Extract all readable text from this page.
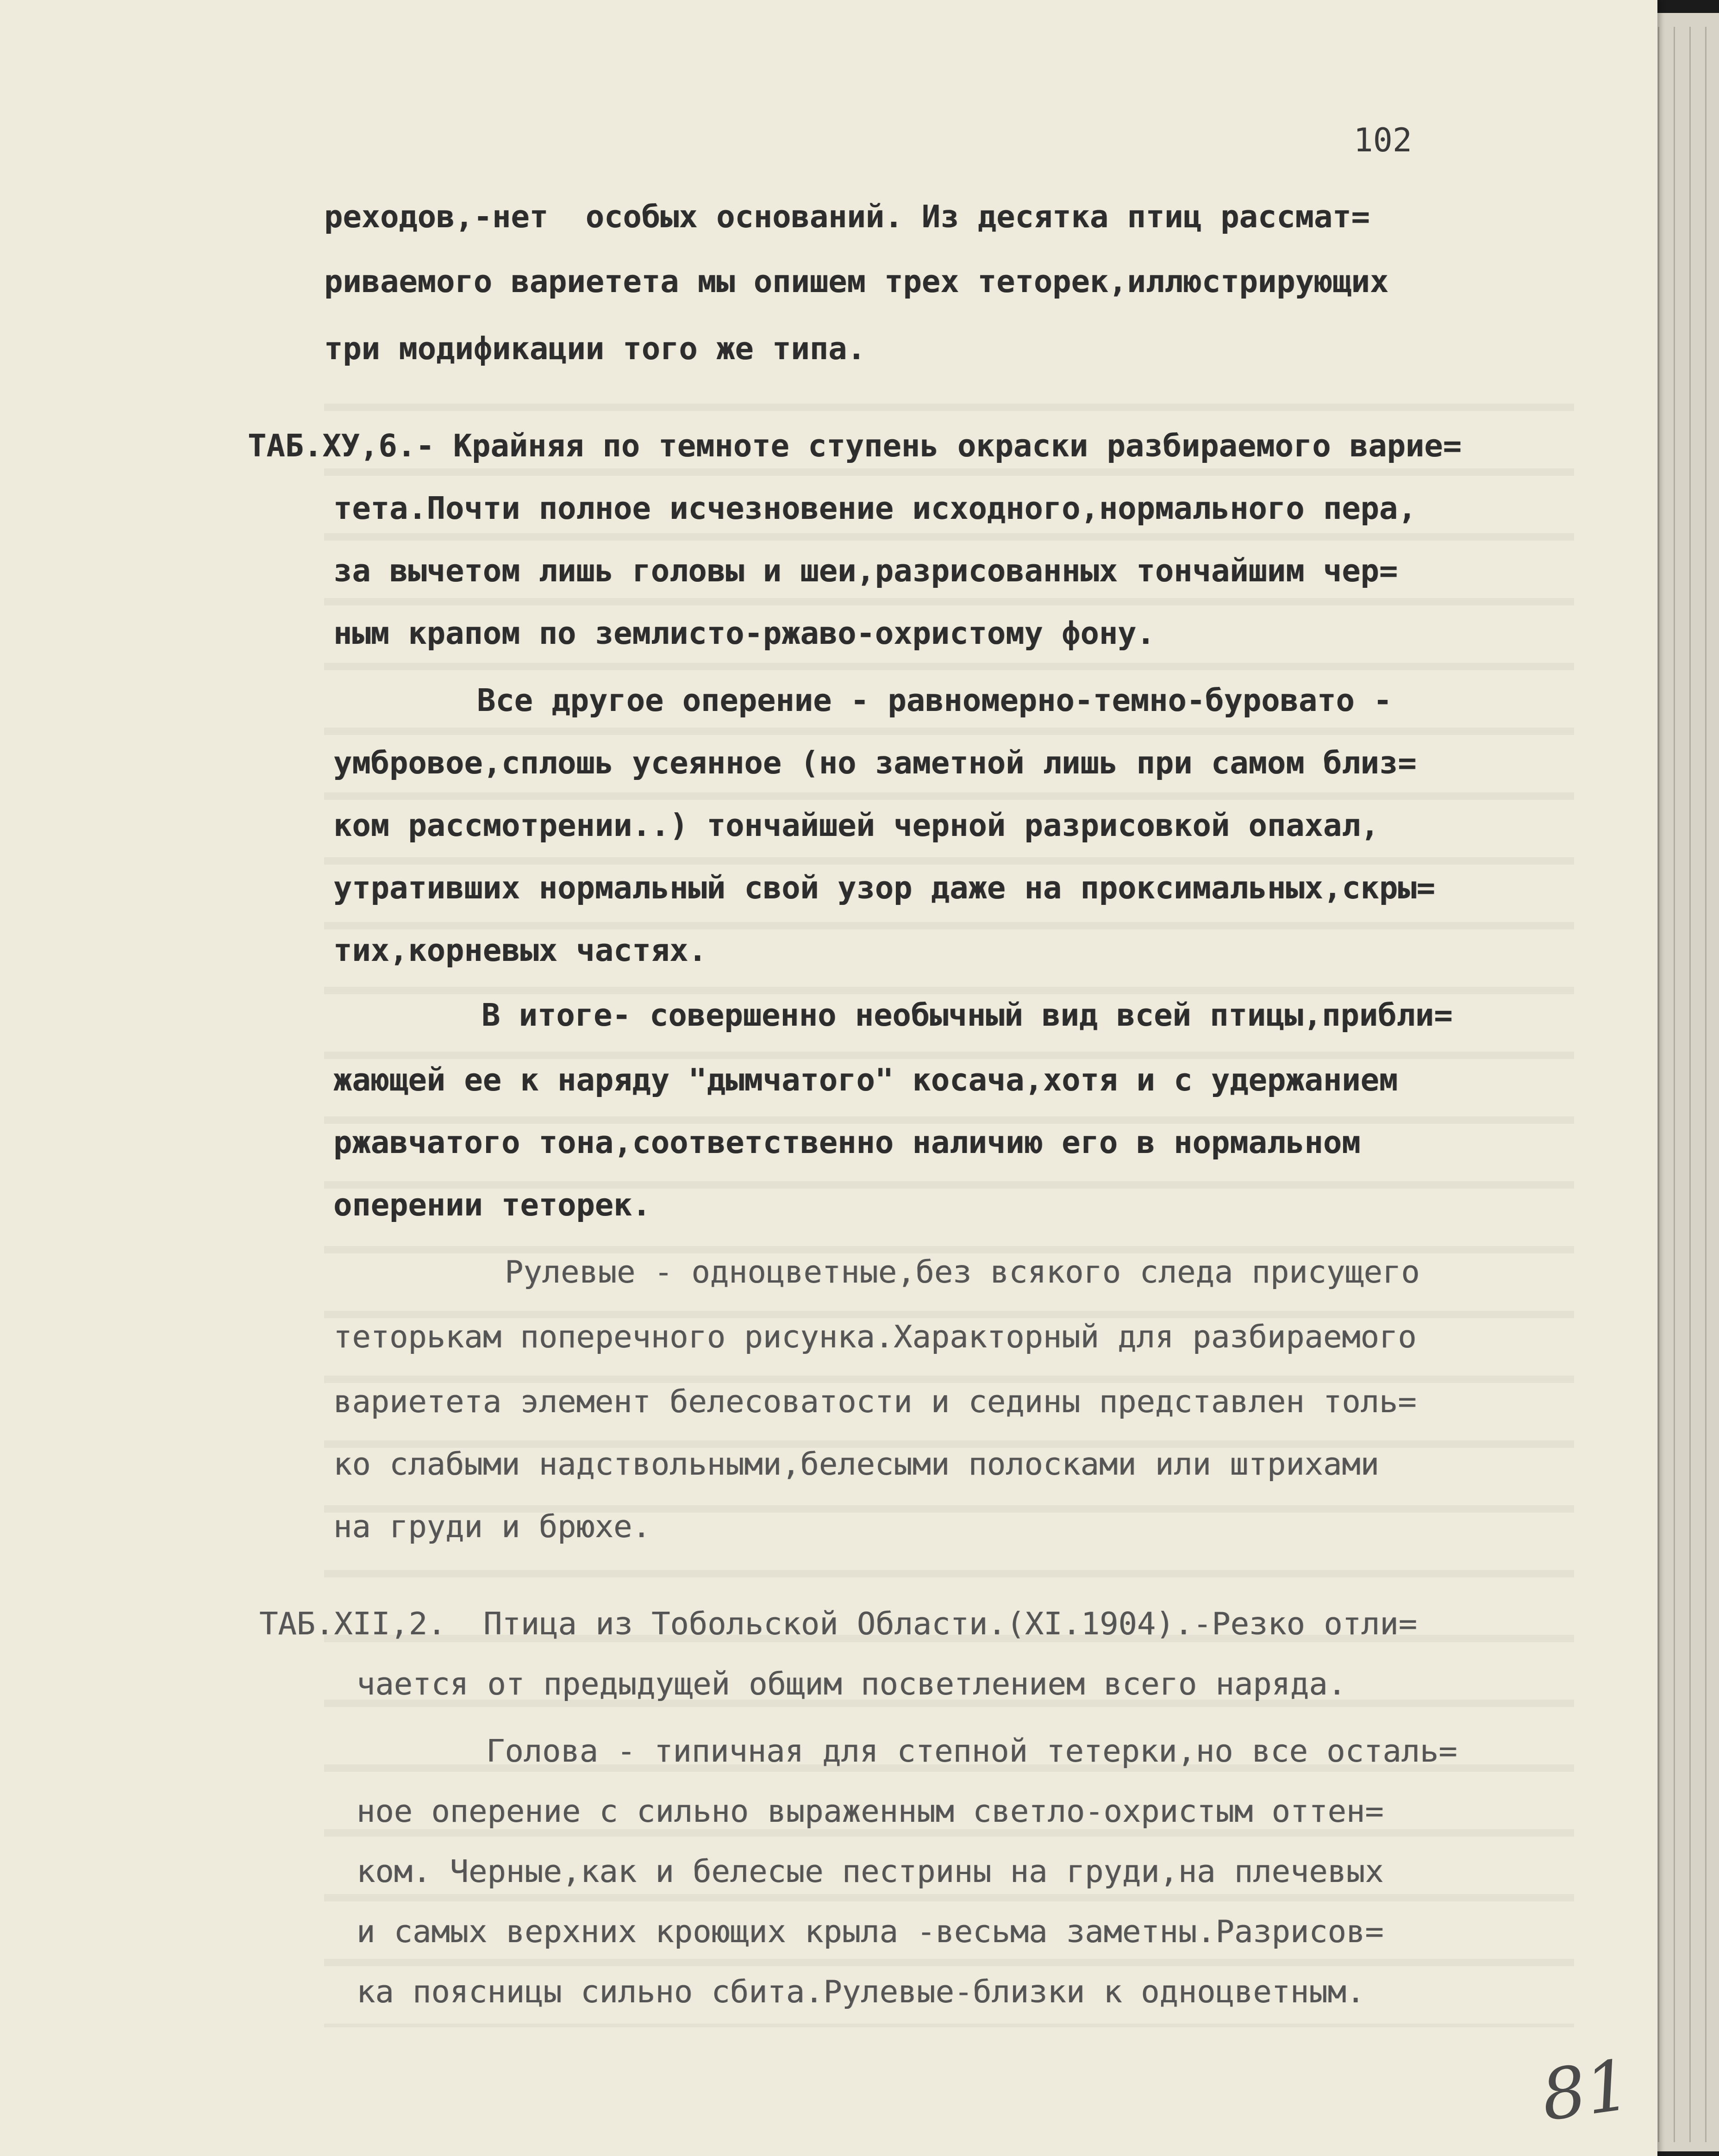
102
реходов,-нет  особых оснований. Из десятка птиц рассмат=
риваемого вариетета мы опишем трех теторек,иллюстрирующих
три модификации того же типа.
ТАБ.ХУ,6.- Крайняя по темноте ступень окраски разбираемого варие=
тета.Почти полное исчезновение исходного,нормального пера,
за вычетом лишь головы и шеи,разрисованных тончайшим чер=
ным крапом по землисто-ржаво-охристому фону.
Все другое оперение - равномерно-темно-буровато -
умбровое,сплошь усеянное (но заметной лишь при самом близ=
ком рассмотрении..) тончайшей черной разрисовкой опахал,
утративших нормальный свой узор даже на проксимальных,скры=
тих,корневых частях.
В итоге- совершенно необычный вид всей птицы,прибли=
жающей ее к наряду "дымчатого" косача,хотя и с удержанием
ржавчатого тона,соответственно наличию его в нормальном
оперении теторек.
Рулевые - одноцветные,без всякого следа присущего
теторькам поперечного рисунка.Характорный для разбираемого
вариетета элемент белесоватости и седины представлен толь=
ко слабыми надствольными,белесыми полосками или штрихами
на груди и брюхе.
ТАБ.ХII,2.  Птица из Тобольской Области.(ХI.1904).-Резко отли=
чается от предыдущей общим посветлением всего наряда.
Голова - типичная для степной тетерки,но все осталь=
ное оперение с сильно выраженным светло-охристым оттен=
ком. Черные,как и белесые пестрины на груди,на плечевых
и самых верхних кроющих крыла -весьма заметны.Разрисов=
ка поясницы сильно сбита.Рулевые-близки к одноцветным.
81
